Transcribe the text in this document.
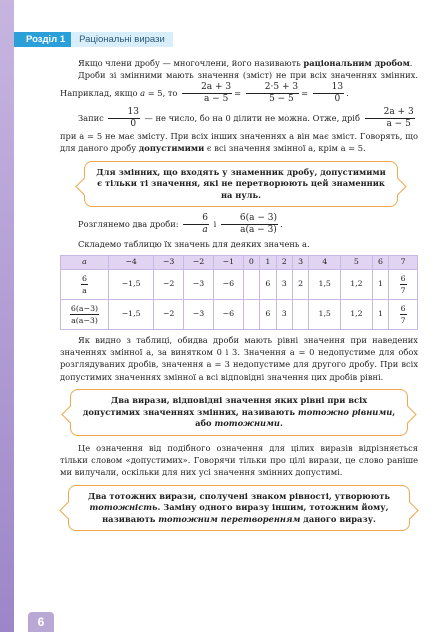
Розділ 1	Раціональні вирази

Якщо члени дробу — многочлени, його називають раціональним дробом.

Дроби зі змінними мають значення (зміст) не при всіх значеннях змінних. Наприклад, якщо a = 5, то $\frac{2a + 3}{a - 5} = \frac{2\cdot 5 + 3}{5 - 5} = \frac{13}{0}$ .

Запис $\frac{13}{0}$ — не число, бо на 0 ділити не можна. Отже, дріб $\frac{2a + 3}{a - 5}$

при a = 5 не має змісту. При всіх інших значеннях a він має зміст. Говорять, що для даного дробу допустимими є всі значення змінної a, крім a = 5.

Для змінних, що входять у знаменник дробу, допустимими є тільки ті значення, які не перетворюють цей знаменник на нуль.

Розглянемо два дроби: $\frac{6}{a}$ і $\frac{6(a - 3)}{a(a - 3)}$ .

Складемо таблицю їх значень для деяких значень a.

a	−4	−3	−2	−1	0	1	2	3	4	5	6	7

$\frac{6}{a}$	−1,5	−2	−3	−6		6	3	2	1,5	1,2	1	$\frac{6}{7}$

$\frac{6(a-3)}{a(a-3)}$	−1,5	−2	−3	−6		6	3		1,5	1,2	1	$\frac{6}{7}$

Як видно з таблиці, обидва дроби мають рівні значення при наведених значеннях змінної a, за винятком 0 і 3. Значення a = 0 недопустиме для обох розглядуваних дробів, значення a = 3 недопустиме для другого дробу. При всіх допустимих значеннях змінної a всі відповідні значення цих дробів рівні.

Два вирази, відповідні значення яких рівні при всіх допустимих значеннях змінних, називають тотожно рівними, або тотожними.

Це означення від подібного означення для цілих виразів відрізняється тільки словом «допустимих». Говорячи тільки про цілі вирази, це слово раніше ми вилучали, оскільки для них усі значення змінних допустимі.

Два тотожних вирази, сполучені знаком рівності, утворюють тотожність. Заміну одного виразу іншим, тотожним йому, називають тотожним перетворенням даного виразу.
6
